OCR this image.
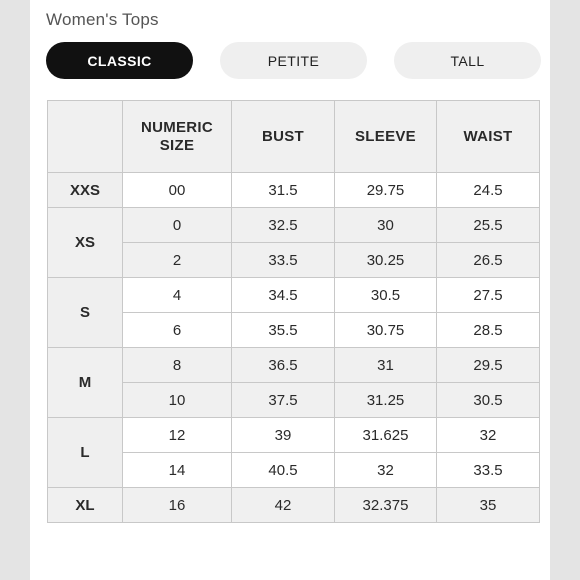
Women's Tops
CLASSIC	PETITE	TALL
	NUMERIC SIZE	BUST	SLEEVE	WAIST
XXS	00	31.5	29.75	24.5
XS	0	32.5	30	25.5
	2	33.5	30.25	26.5
S	4	34.5	30.5	27.5
	6	35.5	30.75	28.5
M	8	36.5	31	29.5
	10	37.5	31.25	30.5
L	12	39	31.625	32
	14	40.5	32	33.5
XL	16	42	32.375	35
